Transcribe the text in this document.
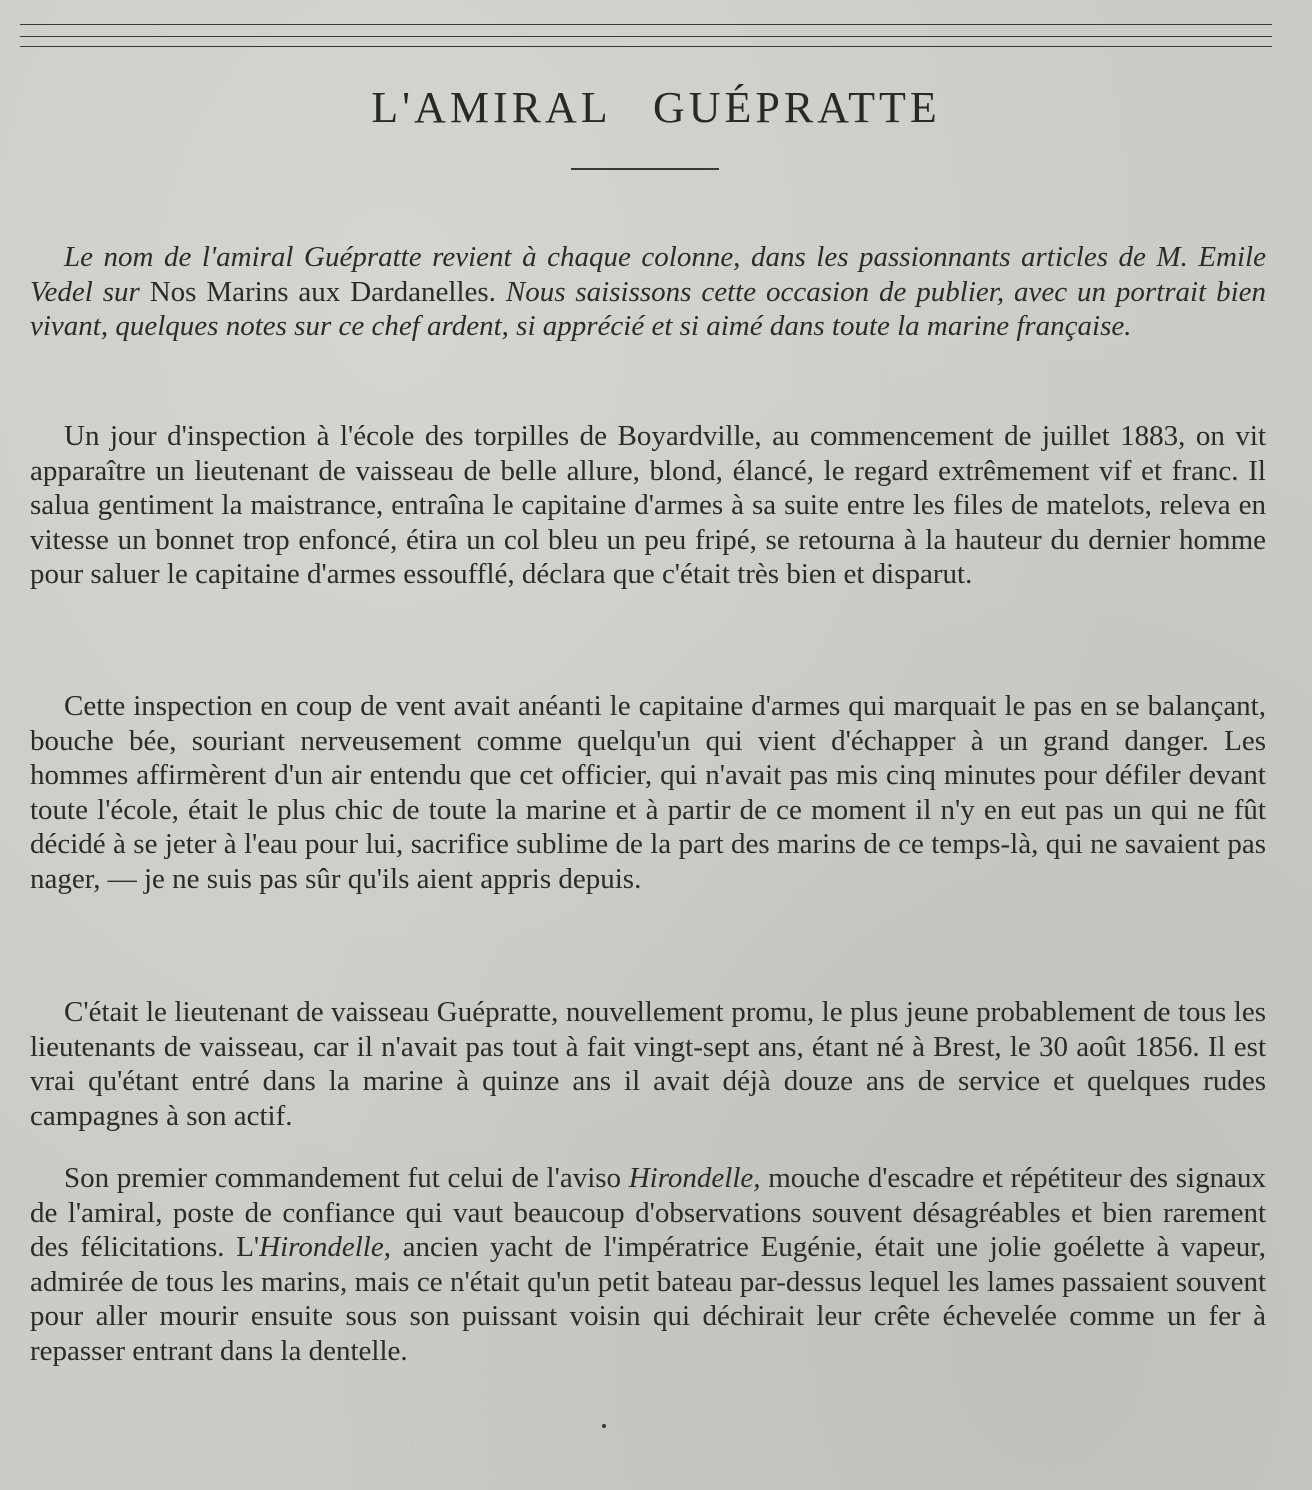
L'AMIRAL GUÉPRATTE

Le nom de l'amiral Guépratte revient à chaque colonne, dans les passionnants articles de M. Emile Vedel sur Nos Marins aux Dardanelles. Nous saisissons cette occasion de publier, avec un portrait bien vivant, quelques notes sur ce chef ardent, si apprécié et si aimé dans toute la marine française.

Un jour d'inspection à l'école des torpilles de Boyardville, au commencement de juillet 1883, on vit apparaître un lieutenant de vaisseau de belle allure, blond, élancé, le regard extrêmement vif et franc. Il salua gentiment la maistrance, entraîna le capitaine d'armes à sa suite entre les files de matelots, releva en vitesse un bonnet trop enfoncé, étira un col bleu un peu fripé, se retourna à la hauteur du dernier homme pour saluer le capitaine d'armes essoufflé, déclara que c'était très bien et disparut.

Cette inspection en coup de vent avait anéanti le capitaine d'armes qui marquait le pas en se balançant, bouche bée, souriant nerveusement comme quelqu'un qui vient d'échapper à un grand danger. Les hommes affirmèrent d'un air entendu que cet officier, qui n'avait pas mis cinq minutes pour défiler devant toute l'école, était le plus chic de toute la marine et à partir de ce moment il n'y en eut pas un qui ne fût décidé à se jeter à l'eau pour lui, sacrifice sublime de la part des marins de ce temps-là, qui ne savaient pas nager, — je ne suis pas sûr qu'ils aient appris depuis.

C'était le lieutenant de vaisseau Guépratte, nouvellement promu, le plus jeune probablement de tous les lieutenants de vaisseau, car il n'avait pas tout à fait vingt-sept ans, étant né à Brest, le 30 août 1856. Il est vrai qu'étant entré dans la marine à quinze ans il avait déjà douze ans de service et quelques rudes campagnes à son actif.

Son premier commandement fut celui de l'aviso Hirondelle, mouche d'escadre et répétiteur des signaux de l'amiral, poste de confiance qui vaut beaucoup d'observations souvent désagréables et bien rarement des félicitations. L'Hirondelle, ancien yacht de l'impératrice Eugénie, était une jolie goélette à vapeur, admirée de tous les marins, mais ce n'était qu'un petit bateau par-dessus lequel les lames passaient souvent pour aller mourir ensuite sous son puissant voisin qui déchirait leur crête échevelée comme un fer à repasser entrant dans la dentelle.
